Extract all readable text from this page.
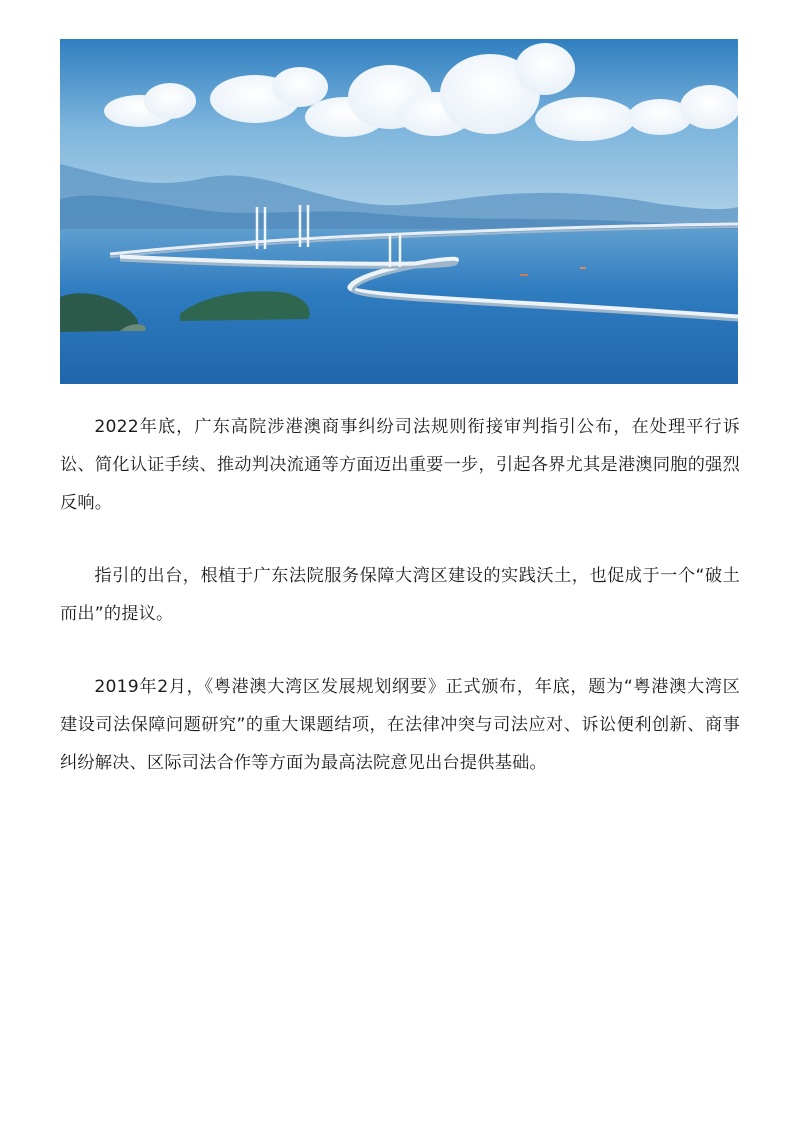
2022年底，广东高院涉港澳商事纠纷司法规则衔接审判指引公布，在处理平行诉讼、简化认证手续、推动判决流通等方面迈出重要一步，引起各界尤其是港澳同胞的强烈反响。

指引的出台，根植于广东法院服务保障大湾区建设的实践沃土，也促成于一个“破土而出”的提议。

2019年2月，《粤港澳大湾区发展规划纲要》正式颁布，年底，题为“粤港澳大湾区建设司法保障问题研究”的重大课题结项，在法律冲突与司法应对、诉讼便利创新、商事纠纷解决、区际司法合作等方面为最高法院意见出台提供基础。
